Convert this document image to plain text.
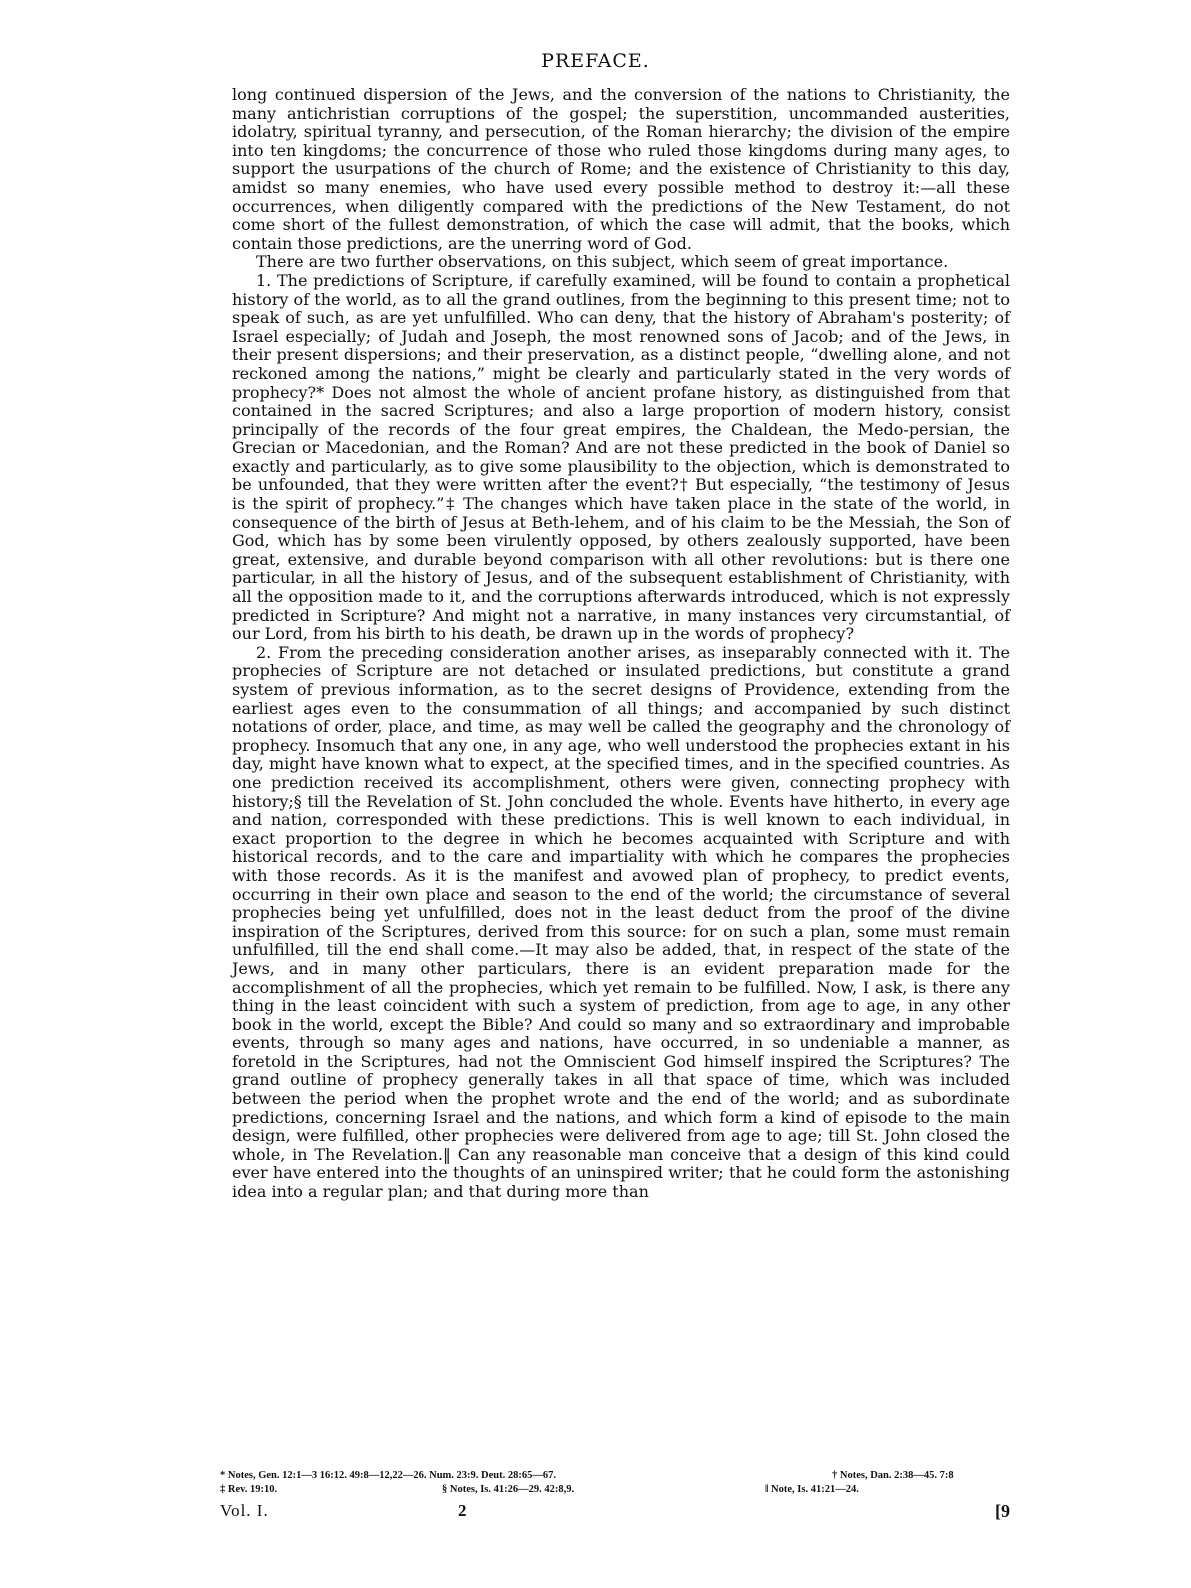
PREFACE.

long continued dispersion of the Jews, and the conversion of the nations to Christianity, the many antichristian corruptions of the gospel; the superstition, uncommanded austerities, idolatry, spiritual tyranny, and persecution, of the Roman hierarchy; the division of the empire into ten kingdoms; the concurrence of those who ruled those kingdoms during many ages, to support the usurpations of the church of Rome; and the existence of Christianity to this day, amidst so many enemies, who have used every possible method to destroy it:—all these occurrences, when diligently compared with the predictions of the New Testament, do not come short of the fullest demonstration, of which the case will admit, that the books, which contain those predictions, are the unerring word of God.

There are two further observations, on this subject, which seem of great importance.

1. The predictions of Scripture, if carefully examined, will be found to contain a prophetical history of the world, as to all the grand outlines, from the beginning to this present time; not to speak of such, as are yet unfulfilled. Who can deny, that the history of Abraham's posterity; of Israel especially; of Judah and Joseph, the most renowned sons of Jacob; and of the Jews, in their present dispersions; and their preservation, as a distinct people, “dwelling alone, and not reckoned among the nations,” might be clearly and particularly stated in the very words of prophecy?* Does not almost the whole of ancient profane history, as distinguished from that contained in the sacred Scriptures; and also a large proportion of modern history, consist principally of the records of the four great empires, the Chaldean, the Medo-persian, the Grecian or Macedonian, and the Roman? And are not these predicted in the book of Daniel so exactly and particularly, as to give some plausibility to the objection, which is demonstrated to be unfounded, that they were written after the event?† But especially, “the testimony of Jesus is the spirit of prophecy.”‡ The changes which have taken place in the state of the world, in consequence of the birth of Jesus at Beth-lehem, and of his claim to be the Messiah, the Son of God, which has by some been virulently opposed, by others zealously supported, have been great, extensive, and durable beyond comparison with all other revolutions: but is there one particular, in all the history of Jesus, and of the subsequent establishment of Christianity, with all the opposition made to it, and the corruptions afterwards introduced, which is not expressly predicted in Scripture? And might not a narrative, in many instances very circumstantial, of our Lord, from his birth to his death, be drawn up in the words of prophecy?

2. From the preceding consideration another arises, as inseparably connected with it. The prophecies of Scripture are not detached or insulated predictions, but constitute a grand system of previous information, as to the secret designs of Providence, extending from the earliest ages even to the consummation of all things; and accompanied by such distinct notations of order, place, and time, as may well be called the geography and the chronology of prophecy. Insomuch that any one, in any age, who well understood the prophecies extant in his day, might have known what to expect, at the specified times, and in the specified countries. As one prediction received its accomplishment, others were given, connecting prophecy with history;§ till the Revelation of St. John concluded the whole. Events have hitherto, in every age and nation, corresponded with these predictions. This is well known to each individual, in exact proportion to the degree in which he becomes acquainted with Scripture and with historical records, and to the care and impartiality with which he compares the prophecies with those records. As it is the manifest and avowed plan of prophecy, to predict events, occurring in their own place and season to the end of the world; the circumstance of several prophecies being yet unfulfilled, does not in the least deduct from the proof of the divine inspiration of the Scriptures, derived from this source: for on such a plan, some must remain unfulfilled, till the end shall come.—It may also be added, that, in respect of the state of the Jews, and in many other particulars, there is an evident preparation made for the accomplishment of all the prophecies, which yet remain to be fulfilled. Now, I ask, is there any thing in the least coincident with such a system of prediction, from age to age, in any other book in the world, except the Bible? And could so many and so extraordinary and improbable events, through so many ages and nations, have occurred, in so undeniable a manner, as foretold in the Scriptures, had not the Omniscient God himself inspired the Scriptures? The grand outline of prophecy generally takes in all that space of time, which was included between the period when the prophet wrote and the end of the world; and as subordinate predictions, concerning Israel and the nations, and which form a kind of episode to the main design, were fulfilled, other prophecies were delivered from age to age; till St. John closed the whole, in The Revelation.‖ Can any reasonable man conceive that a design of this kind could ever have entered into the thoughts of an uninspired writer; that he could form the astonishing idea into a regular plan; and that during more than

* Notes, Gen. 12:1—3 16:12. 49:8—12,22—26. Num. 23:9. Deut. 28:65—67.	† Notes, Dan. 2:38—45. 7:8
‡ Rev. 19:10.	§ Notes, Is. 41:26—29. 42:8,9.	‖ Note, Is. 41:21—24.
Vol. I.	2	[9
